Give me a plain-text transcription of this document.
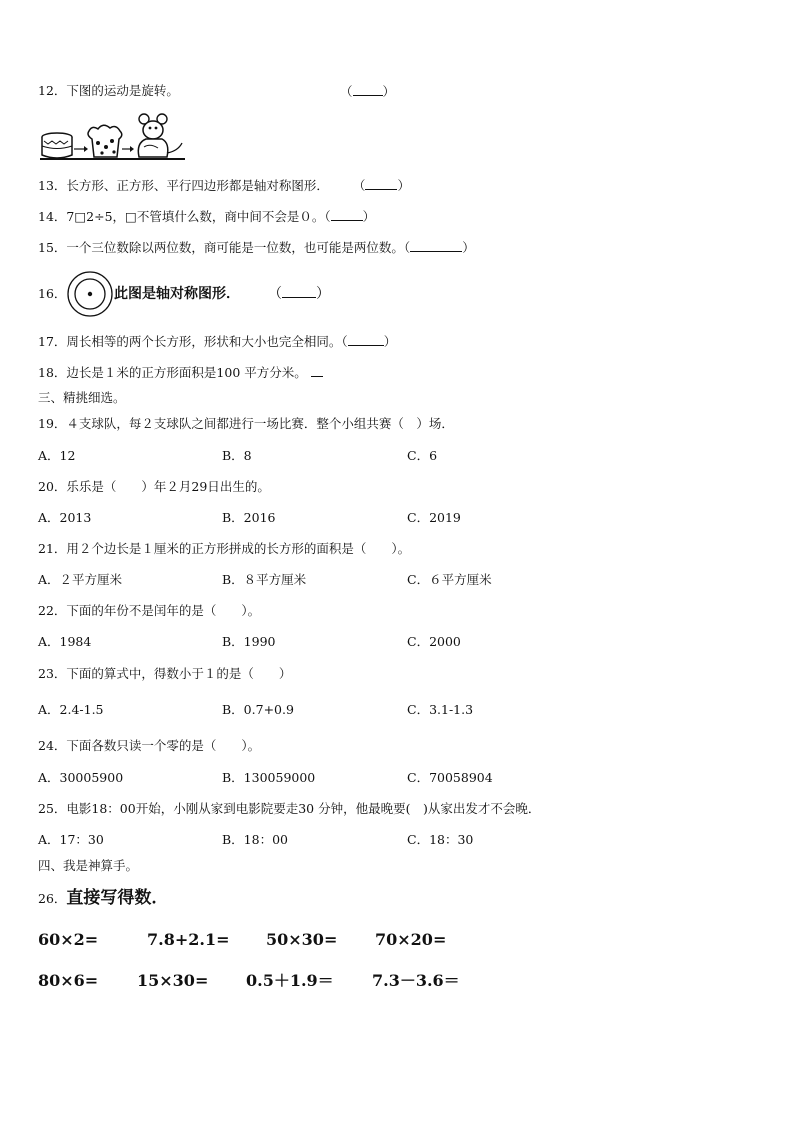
12．下图的运动是旋转。	（ ）
13．长方形、正方形、平行四边形都是轴对称图形． （	）
14．7□2÷5，□不管填什么数，商中间不会是０。（	）
15．一个三位数除以两位数，商可能是一位数，也可能是两位数。（	）
16．	此图是轴对称图形． （ ）
17．周长相等的两个长方形，形状和大小也完全相同。（	）
18．边长是１米的正方形面积是100 平方分米。
三、精挑细选。
19．４支球队，每２支球队之间都进行一场比赛．整个小组共赛（　）场．
A．12	B．8	C．6
20．乐乐是（　　）年２月29日出生的。
A．2013	B．2016	C．2019
21．用２个边长是１厘米的正方形拼成的长方形的面积是（　　）。
A．２平方厘米	B．８平方厘米	C．６平方厘米
22．下面的年份不是闰年的是（　　）。
A．1984	B．1990	C．2000
23．下面的算式中，得数小于１的是（　　）
A．2.4-1.5	B．0.7+0.9	C．3.1-1.3
24．下面各数只读一个零的是（　　）。
A．30005900	B．130059000	C．70058904
25．电影18：00开始，小刚从家到电影院要走30 分钟，他最晚要(　)从家出发才不会晚．
A．17：30	B．18：00	C．18：30
四、我是神算手。
26．直接写得数．
60×2=	7.8+2.1= 50×30= 70×20=
80×6= 15×30= 0.5＋1.9＝ 7.3－3.6＝
